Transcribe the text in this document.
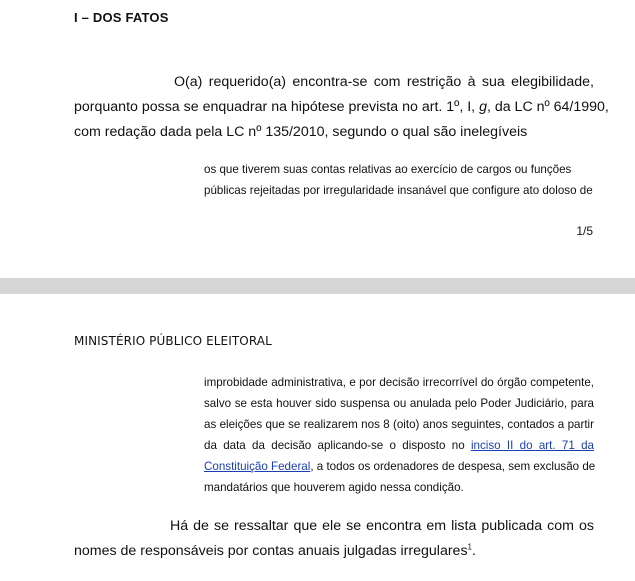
I – DOS FATOS
O(a) requerido(a) encontra-se com restrição à sua elegibilidade,
porquanto possa se enquadrar na hipótese prevista no art. 1º, I, g, da LC nº 64/1990,
com redação dada pela LC nº 135/2010, segundo o qual são inelegíveis
os que tiverem suas contas relativas ao exercício de cargos ou funções
públicas rejeitadas por irregularidade insanável que configure ato doloso de
1/5
MINISTÉRIO PÚBLICO ELEITORAL
improbidade administrativa, e por decisão irrecorrível do órgão competente,
salvo se esta houver sido suspensa ou anulada pelo Poder Judiciário, para
as eleições que se realizarem nos 8 (oito) anos seguintes, contados a partir
da data da decisão aplicando-se o disposto no inciso II do art. 71 da
Constituição Federal, a todos os ordenadores de despesa, sem exclusão de
mandatários que houverem agido nessa condição.
Há de se ressaltar que ele se encontra em lista publicada com os
nomes de responsáveis por contas anuais julgadas irregulares$^1$.
